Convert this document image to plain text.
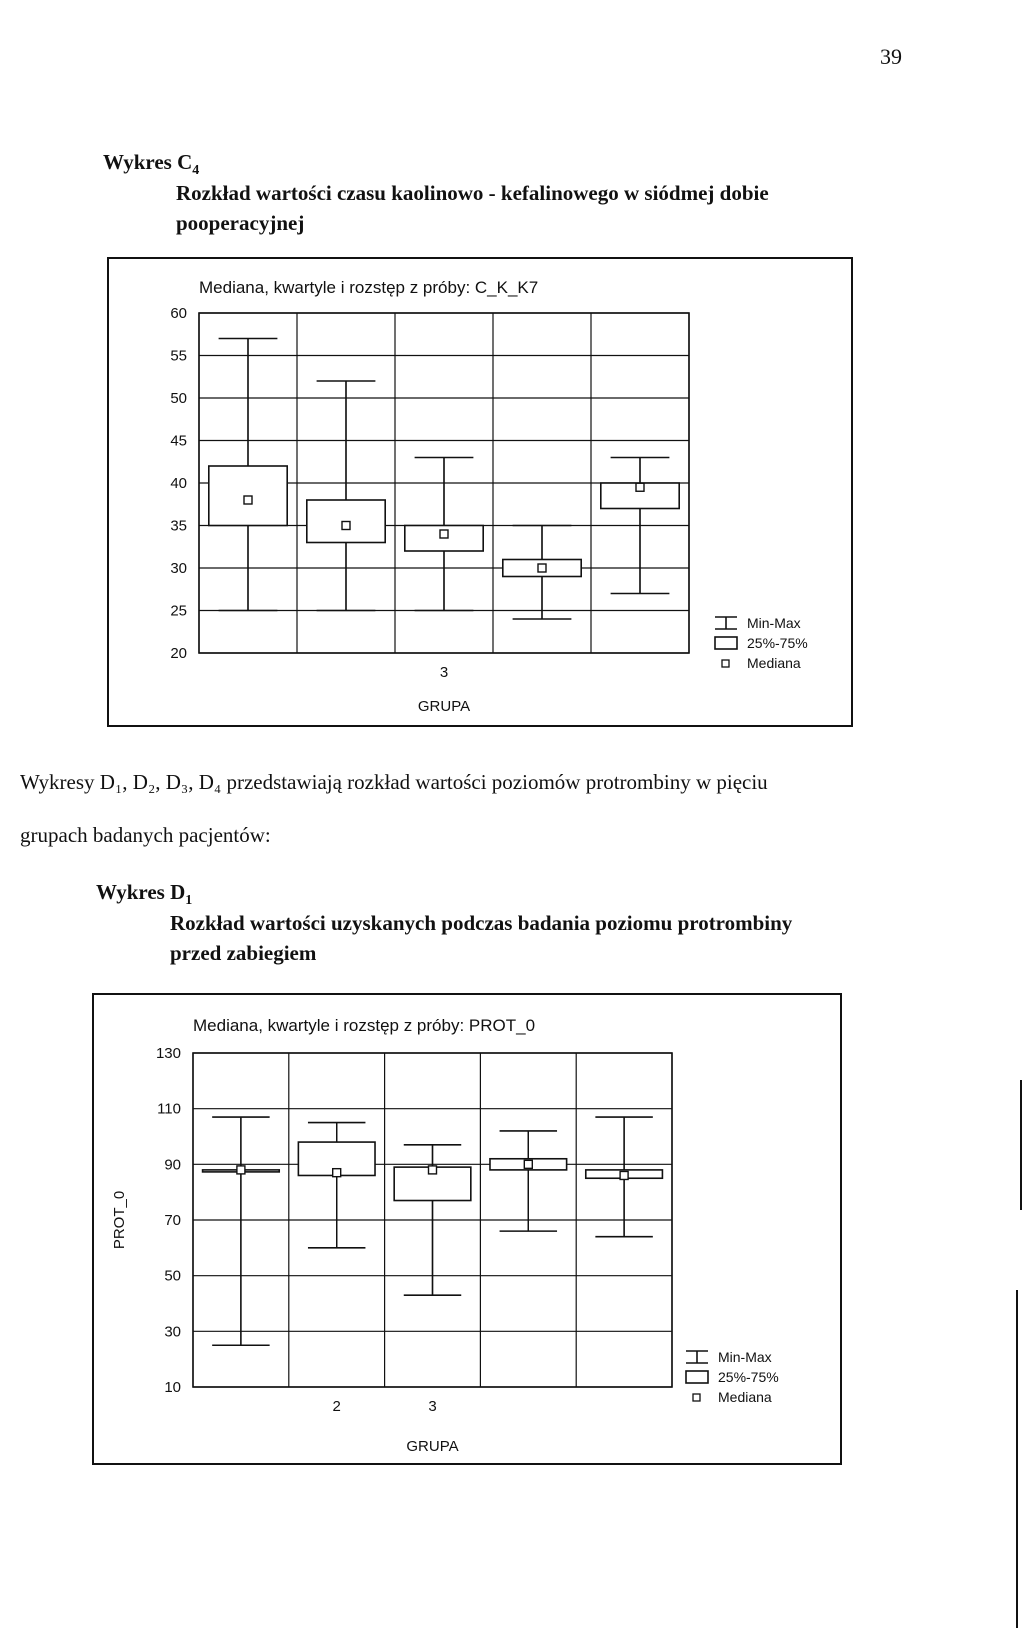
39
Wykres $C_4$
Rozkład wartości czasu kaolinowo - kefalinowego w siódmej dobie
pooperacyjnej
Mediana, kwartyle i rozstęp z próby: C_K_K7
60
55
50
45
40
35
30
25
20
3
GRUPA
Min-Max
25%-75%
Mediana
Wykresy D₁, D₂, D₃, D₄ przedstawiają rozkład wartości poziomów protrombiny w pięciu
grupach badanych pacjentów:
Wykres $D_1$
Rozkład wartości uzyskanych podczas badania poziomu protrombiny
przed zabiegiem
Mediana, kwartyle i rozstęp z próby: PROT_0
130
110
90
70
50
30
10
2	3
GRUPA
PROT_0
Min-Max
25%-75%
Mediana
